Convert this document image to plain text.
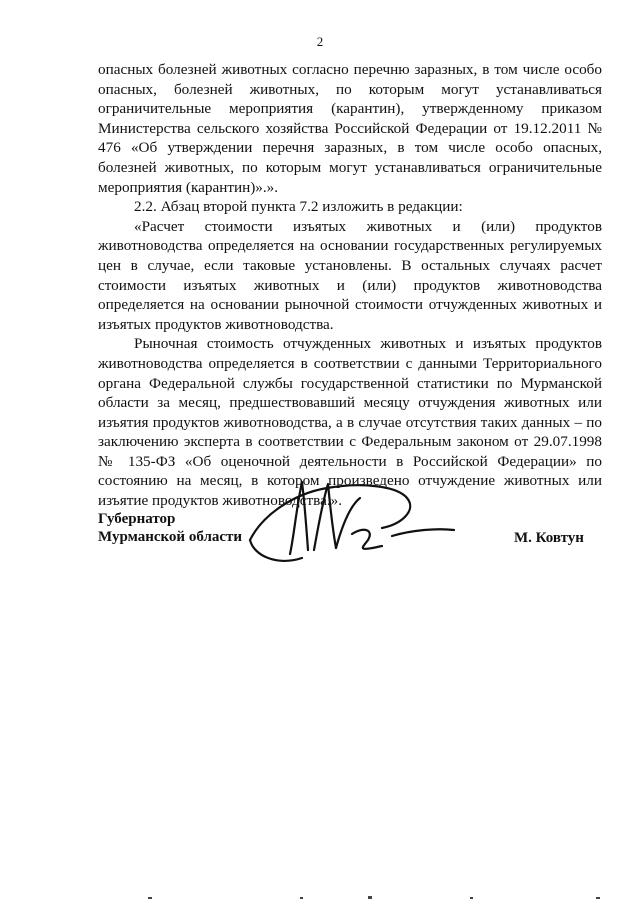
2

опасных болезней животных согласно перечню заразных, в том числе особо опасных, болезней животных, по которым могут устанавливаться ограничительные мероприятия (карантин), утвержденному приказом Министерства сельского хозяйства Российской Федерации от 19.12.2011 № 476 «Об утверждении перечня заразных, в том числе особо опасных, болезней животных, по которым могут устанавливаться ограничительные мероприятия (карантин)».».

2.2. Абзац второй пункта 7.2 изложить в редакции:

«Расчет стоимости изъятых животных и (или) продуктов животноводства определяется на основании государственных регулируемых цен в случае, если таковые установлены. В остальных случаях расчет стоимости изъятых животных и (или) продуктов животноводства определяется на основании рыночной стоимости отчужденных животных и изъятых продуктов животноводства.

Рыночная стоимость отчужденных животных и изъятых продуктов животноводства определяется в соответствии с данными Территориального органа Федеральной службы государственной статистики по Мурманской области за месяц, предшествовавший месяцу отчуждения животных или изъятия продуктов животноводства, а в случае отсутствия таких данных – по заключению эксперта в соответствии с Федеральным законом от 29.07.1998 № 135-ФЗ «Об оценочной деятельности в Российской Федерации» по состоянию на месяц, в котором произведено отчуждение животных или изъятие продуктов животноводства.».

Губернатор
Мурманской области	М. Ковтун
